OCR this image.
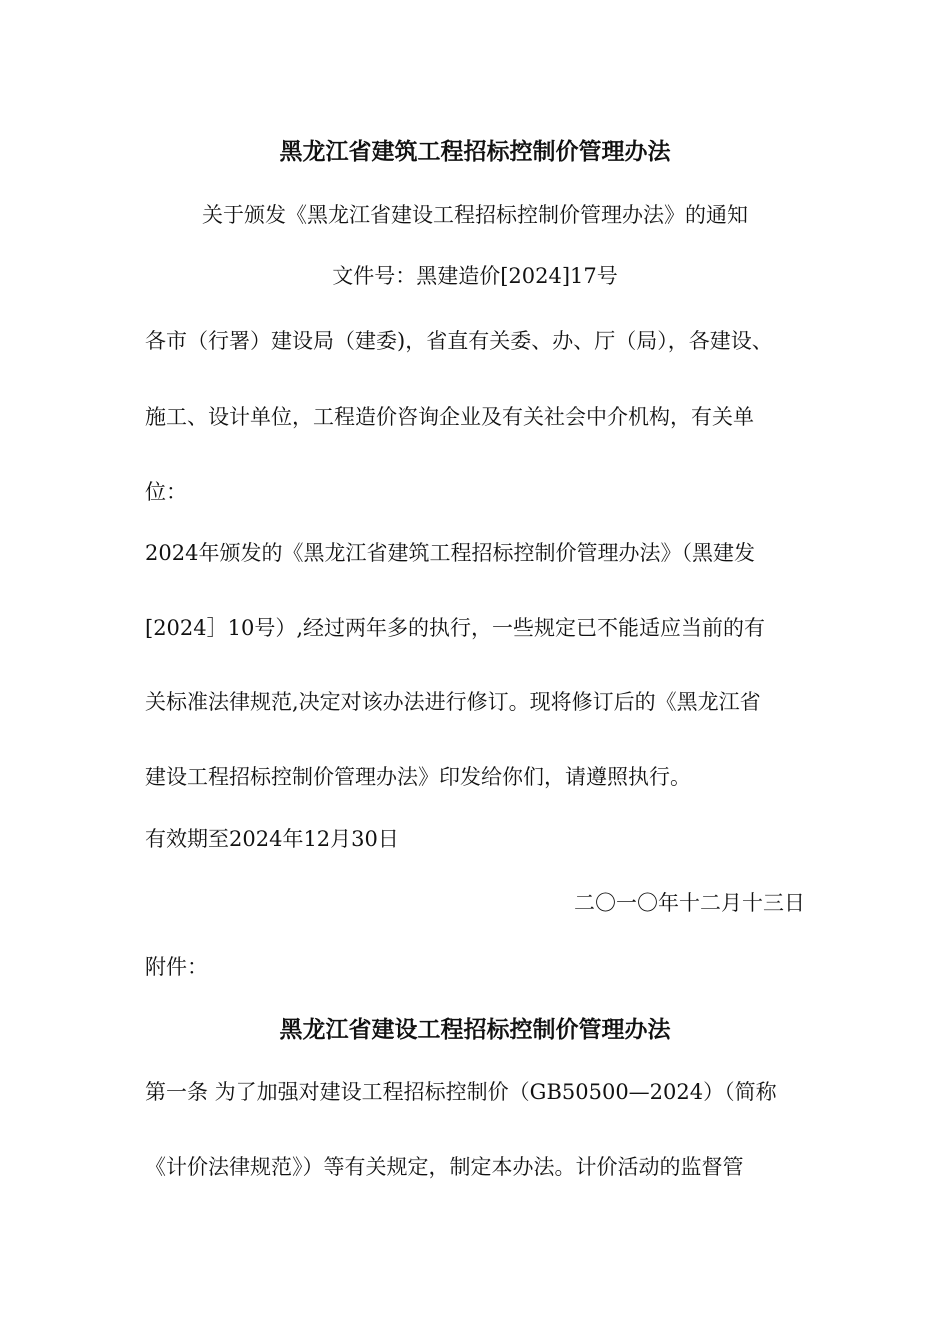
黑龙江省建筑工程招标控制价管理办法
关于颁发《黑龙江省建设工程招标控制价管理办法》的通知
文件号：黑建造价[2024]17号
各市（行署）建设局（建委)，省直有关委、办、厅（局），各建设、
施工、设计单位，工程造价咨询企业及有关社会中介机构，有关单
位：
2024年颁发的《黑龙江省建筑工程招标控制价管理办法》（黑建发
[2024］10号）,经过两年多的执行，一些规定已不能适应当前的有
关标准法律规范,决定对该办法进行修订。现将修订后的《黑龙江省
建设工程招标控制价管理办法》印发给你们，请遵照执行。
有效期至2024年12月30日
二〇一〇年十二月十三日
附件：
黑龙江省建设工程招标控制价管理办法
第一条 为了加强对建设工程招标控制价（GB50500—2024）（简称
《计价法律规范》）等有关规定，制定本办法。计价活动的监督管
